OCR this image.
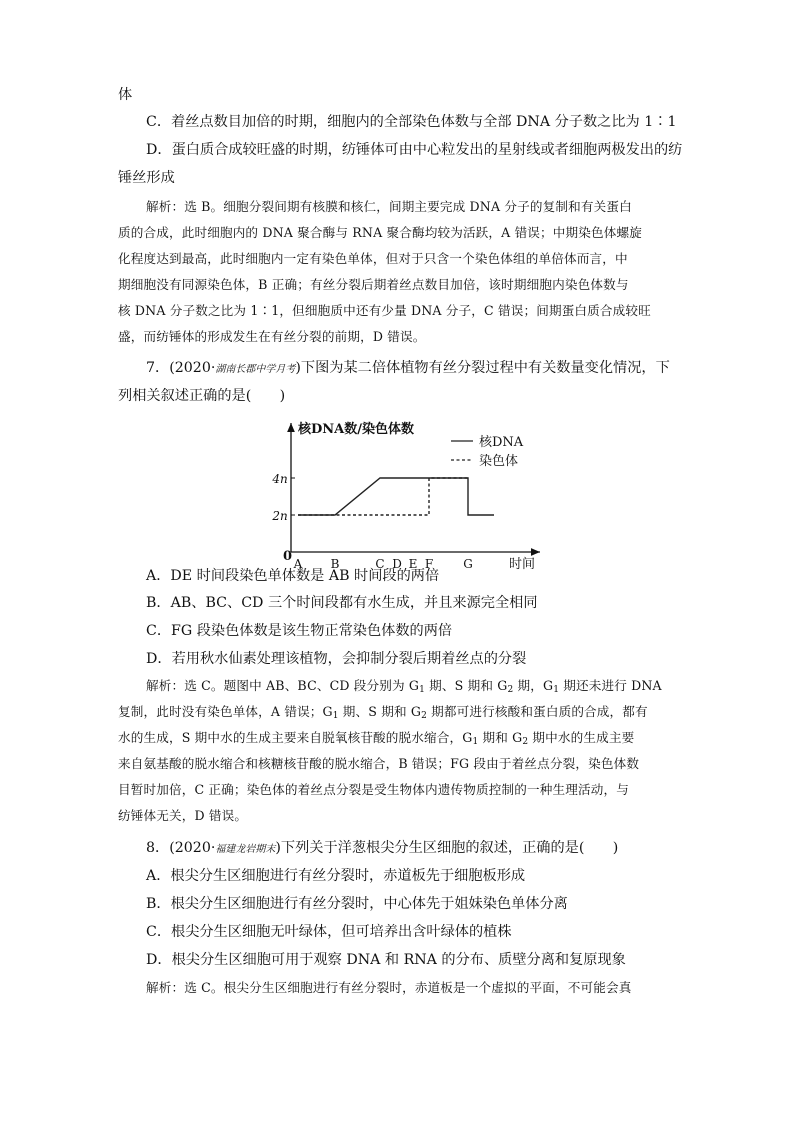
体
C．着丝点数目加倍的时期，细胞内的全部染色体数与全部 DNA 分子数之比为 1∶1
D．蛋白质合成较旺盛的时期，纺锤体可由中心粒发出的星射线或者细胞两极发出的纺
锤丝形成
解析：选 B。细胞分裂间期有核膜和核仁，间期主要完成 DNA 分子的复制和有关蛋白
质的合成，此时细胞内的 DNA 聚合酶与 RNA 聚合酶均较为活跃，A 错误；中期染色体螺旋
化程度达到最高，此时细胞内一定有染色单体，但对于只含一个染色体组的单倍体而言，中
期细胞没有同源染色体，B 正确；有丝分裂后期着丝点数目加倍，该时期细胞内染色体数与
核 DNA 分子数之比为 1∶1，但细胞质中还有少量 DNA 分子，C 错误；间期蛋白质合成较旺
盛，而纺锤体的形成发生在有丝分裂的前期，D 错误。
7．(2020·湖南长郡中学月考)下图为某二倍体植物有丝分裂过程中有关数量变化情况，下
列相关叙述正确的是(　　)
A．DE 时间段染色单体数是 AB 时间段的两倍
B．AB、BC、CD 三个时间段都有水生成，并且来源完全相同
C．FG 段染色体数是该生物正常染色体数的两倍
D．若用秋水仙素处理该植物，会抑制分裂后期着丝点的分裂
解析：选 C。题图中 AB、BC、CD 段分别为 $G_1$ 期、S 期和 $G_2$ 期，$G_1$ 期还未进行 DNA
复制，此时没有染色单体，A 错误；$G_1$ 期、S 期和 $G_2$ 期都可进行核酸和蛋白质的合成，都有
水的生成，S 期中水的生成主要来自脱氧核苷酸的脱水缩合，$G_1$ 期和 $G_2$ 期中水的生成主要
来自氨基酸的脱水缩合和核糖核苷酸的脱水缩合，B 错误；FG 段由于着丝点分裂，染色体数
目暂时加倍，C 正确；染色体的着丝点分裂是受生物体内遗传物质控制的一种生理活动，与
纺锤体无关，D 错误。
8．(2020·福建龙岩期末)下列关于洋葱根尖分生区细胞的叙述，正确的是(　　)
A．根尖分生区细胞进行有丝分裂时，赤道板先于细胞板形成
B．根尖分生区细胞进行有丝分裂时，中心体先于姐妹染色单体分离
C．根尖分生区细胞无叶绿体，但可培养出含叶绿体的植株
D．根尖分生区细胞可用于观察 DNA 和 RNA 的分布、质壁分离和复原现象
解析：选 C。根尖分生区细胞进行有丝分裂时，赤道板是一个虚拟的平面，不可能会真
核DNA数/染色体数
时间
0
2n
4n
A B	C D E F	G
核DNA
染色体
